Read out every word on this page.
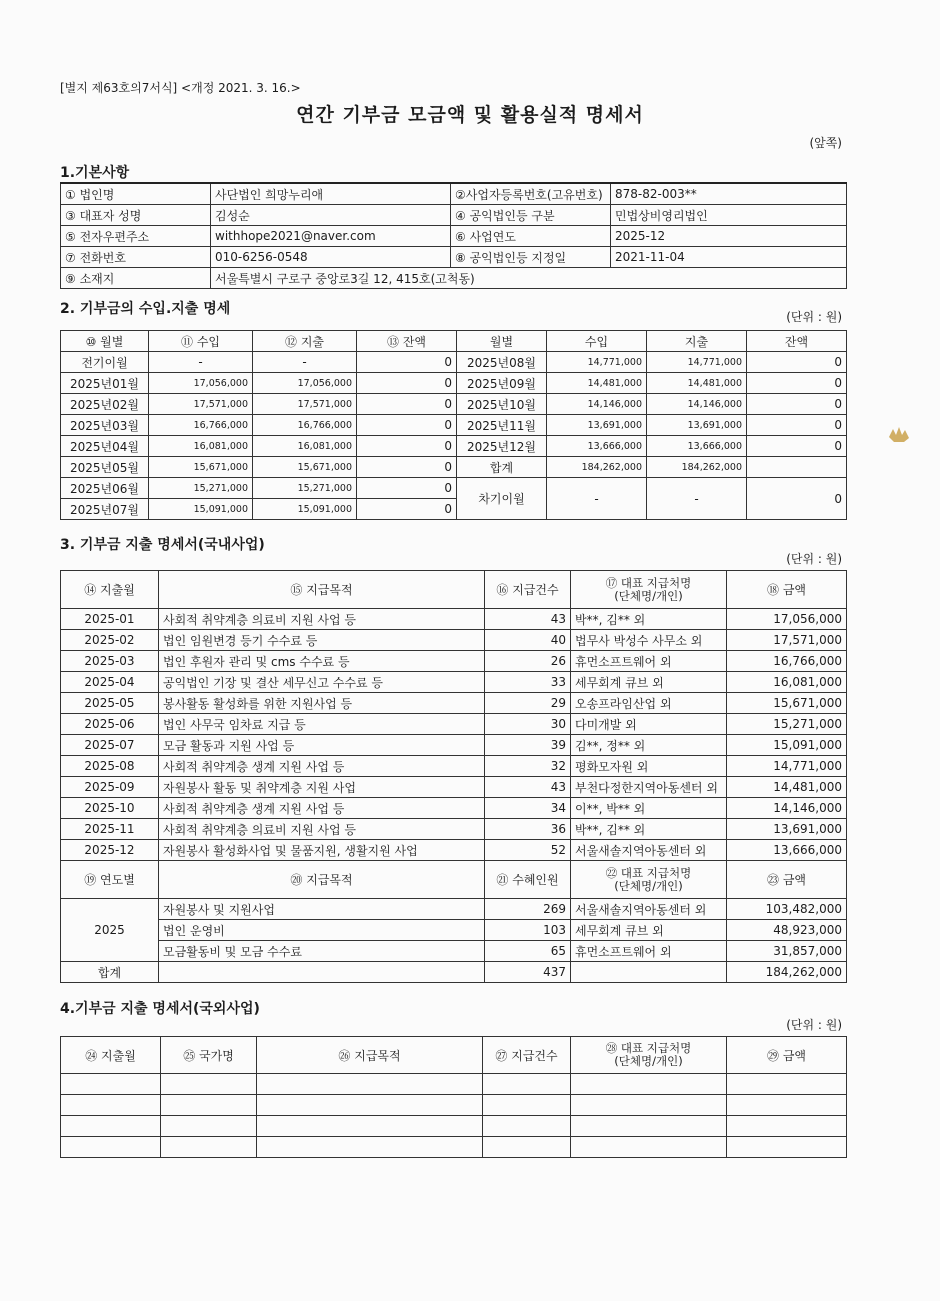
[별지 제63호의7서식] <개정 2021. 3. 16.>
연간 기부금 모금액 및 활용실적 명세서
(앞쪽)
1.기본사항
① 법인명	사단법인 희망누리애	②사업자등록번호(고유번호)	878-82-003**
③ 대표자 성명	김성순	④ 공익법인등 구분	민법상비영리법인
⑤ 전자우편주소	withhope2021@naver.com	⑥ 사업연도	2025-12
⑦ 전화번호	010-6256-0548	⑧ 공익법인등 지정일	2021-11-04
⑨ 소재지	서울특별시 구로구 중앙로3길 12, 415호(고척동)		
2. 기부금의 수입.지출 명세	(단위 : 원)
⑩ 월별	⑪ 수입	⑫ 지출	⑬ 잔액	월별	수입	지출	잔액
전기이월	-	-	0	2025년08월	14,771,000	14,771,000	0
2025년01월	17,056,000	17,056,000	0	2025년09월	14,481,000	14,481,000	0
2025년02월	17,571,000	17,571,000	0	2025년10월	14,146,000	14,146,000	0
2025년03월	16,766,000	16,766,000	0	2025년11월	13,691,000	13,691,000	0
2025년04월	16,081,000	16,081,000	0	2025년12월	13,666,000	13,666,000	0
2025년05월	15,671,000	15,671,000	0	합계	184,262,000	184,262,000	
2025년06월	15,271,000	15,271,000	0	차기이월	-	-	0
2025년07월	15,091,000	15,091,000	0				
3. 기부금 지출 명세서(국내사업)
(단위 : 원)
⑭ 지출월	⑮ 지급목적	⑯ 지급건수	⑰ 대표 지급처명
(단체명/개인)	⑱ 금액
2025-01	사회적 취약계층 의료비 지원 사업 등	43	박**, 김** 외	17,056,000
2025-02	법인 임원변경 등기 수수료 등	40	법무사 박성수 사무소 외	17,571,000
2025-03	법인 후원자 관리 및 cms 수수료 등	26	휴먼소프트웨어 외	16,766,000
2025-04	공익법인 기장 및 결산 세무신고 수수료 등	33	세무회계 큐브 외	16,081,000
2025-05	봉사활동 활성화를 위한 지원사업 등	29	오송프라임산업 외	15,671,000
2025-06	법인 사무국 임차료 지급 등	30	다미개발 외	15,271,000
2025-07	모금 활동과 지원 사업 등	39	김**, 정** 외	15,091,000
2025-08	사회적 취약계층 생계 지원 사업 등	32	평화모자원 외	14,771,000
2025-09	자원봉사 활동 및 취약계층 지원 사업	43	부천다정한지역아동센터 외	14,481,000
2025-10	사회적 취약계층 생계 지원 사업 등	34	이**, 박** 외	14,146,000
2025-11	사회적 취약계층 의료비 지원 사업 등	36	박**, 김** 외	13,691,000
2025-12	자원봉사 활성화사업 및 물품지원, 생활지원 사업	52	서울새솔지역아동센터 외	13,666,000
⑲ 연도별	⑳ 지급목적	㉑ 수혜인원	㉒ 대표 지급처명
(단체명/개인)	㉓ 금액
2025	자원봉사 및 지원사업	269	서울새솔지역아동센터 외	103,482,000
	법인 운영비	103	세무회계 큐브 외	48,923,000
	모금활동비 및 모금 수수료	65	휴먼소프트웨어 외	31,857,000
합계		437		184,262,000
4.기부금 지출 명세서(국외사업)
(단위 : 원)
㉔ 지출월	㉕ 국가명	㉖ 지급목적	㉗ 지급건수	㉘ 대표 지급처명
(단체명/개인)	㉙ 금액
